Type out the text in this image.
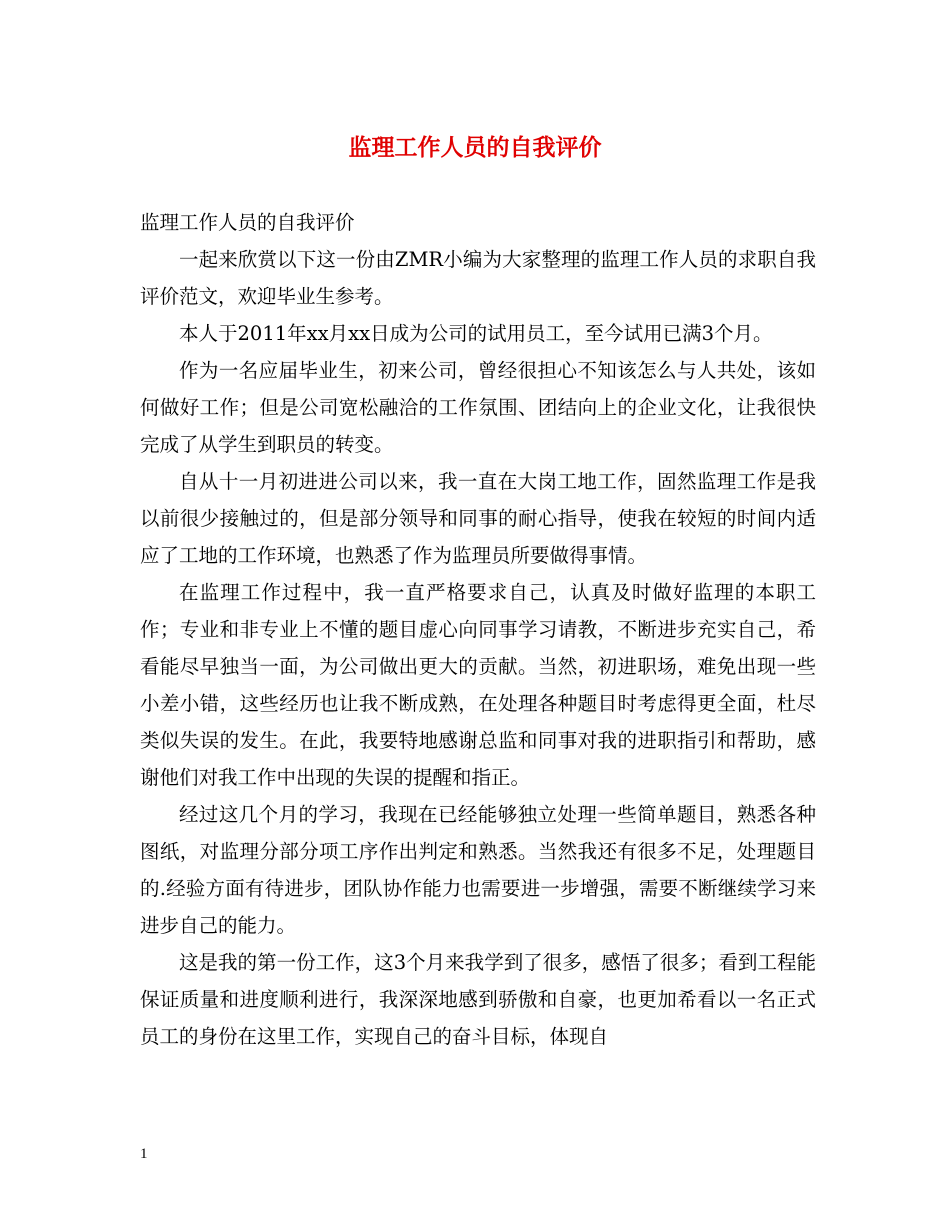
监理工作人员的自我评价

监理工作人员的自我评价

一起来欣赏以下这一份由ZMR小编为大家整理的监理工作人员的求职自我评价范文，欢迎毕业生参考。

本人于2011年xx月xx日成为公司的试用员工，至今试用已满3个月。

作为一名应届毕业生，初来公司，曾经很担心不知该怎么与人共处，该如何做好工作；但是公司宽松融洽的工作氛围、团结向上的企业文化，让我很快完成了从学生到职员的转变。

自从十一月初进进公司以来，我一直在大岗工地工作，固然监理工作是我以前很少接触过的，但是部分领导和同事的耐心指导，使我在较短的时间内适应了工地的工作环境，也熟悉了作为监理员所要做得事情。

在监理工作过程中，我一直严格要求自己，认真及时做好监理的本职工作；专业和非专业上不懂的题目虚心向同事学习请教，不断进步充实自己，希看能尽早独当一面，为公司做出更大的贡献。当然，初进职场，难免出现一些小差小错，这些经历也让我不断成熟，在处理各种题目时考虑得更全面，杜尽类似失误的发生。在此，我要特地感谢总监和同事对我的进职指引和帮助，感谢他们对我工作中出现的失误的提醒和指正。

经过这几个月的学习，我现在已经能够独立处理一些简单题目，熟悉各种图纸，对监理分部分项工序作出判定和熟悉。当然我还有很多不足，处理题目的.经验方面有待进步，团队协作能力也需要进一步增强，需要不断继续学习来进步自己的能力。

这是我的第一份工作，这3个月来我学到了很多，感悟了很多；看到工程能保证质量和进度顺利进行，我深深地感到骄傲和自豪，也更加希看以一名正式员工的身份在这里工作，实现自己的奋斗目标，体现自

1
